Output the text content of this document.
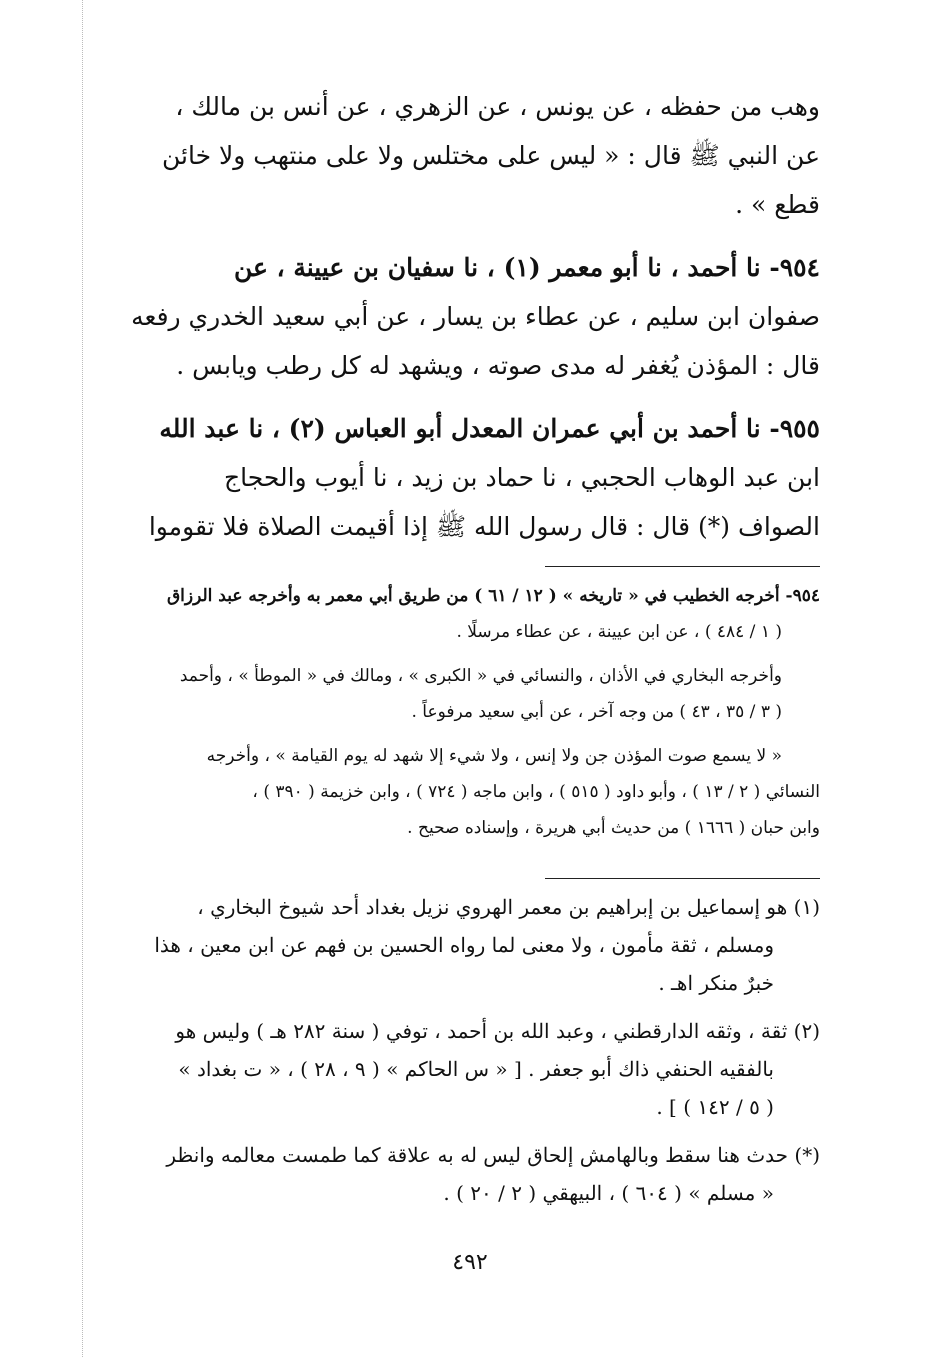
وهب من حفظه ، عن يونس ، عن الزهري ، عن أنس بن مالك ،
عن النبي ﷺ قال : « ليس على مختلس ولا على منتهب ولا خائن
قطع » .

٩٥٤- نا أحمد ، نا أبو معمر (١) ، نا سفيان بن عيينة ، عن
صفوان ابن سليم ، عن عطاء بن يسار ، عن أبي سعيد الخدري رفعه
قال : المؤذن يُغفر له مدى صوته ، ويشهد له كل رطب ويابس .

٩٥٥- نا أحمد بن أبي عمران المعدل أبو العباس (٢) ، نا عبد الله
ابن عبد الوهاب الحجبي ، نا حماد بن زيد ، نا أيوب والحجاج
الصواف (*) قال : قال رسول الله ﷺ إذا أقيمت الصلاة فلا تقوموا

٩٥٤- أخرجه الخطيب في « تاريخه » ( ١٢ / ٦١ ) من طريق أبي معمر به وأخرجه عبد الرزاق
( ١ / ٤٨٤ ) ، عن ابن عيينة ، عن عطاء مرسلًا .
وأخرجه البخاري في الأذان ، والنسائي في « الكبرى » ، ومالك في « الموطأ » ، وأحمد
( ٣ / ٣٥ ، ٤٣ ) من وجه آخر ، عن أبي سعيد مرفوعاً .
« لا يسمع صوت المؤذن جن ولا إنس ، ولا شيء إلا شهد له يوم القيامة » ، وأخرجه
النسائي ( ٢ / ١٣ ) ، وأبو داود ( ٥١٥ ) ، وابن ماجه ( ٧٢٤ ) ، وابن خزيمة ( ٣٩٠ ) ،
وابن حبان ( ١٦٦٦ ) من حديث أبي هريرة ، وإسناده صحيح .
(١) هو إسماعيل بن إبراهيم بن معمر الهروي نزيل بغداد أحد شيوخ البخاري ،
ومسلم ، ثقة مأمون ، ولا معنى لما رواه الحسين بن فهم عن ابن معين ، هذا
خبرٌ منكر اهـ .
(٢) ثقة ، وثقه الدارقطني ، وعبد الله بن أحمد ، توفي ( سنة ٢٨٢ هـ ) وليس هو
بالفقيه الحنفي ذاك أبو جعفر . [ « س الحاكم » ( ٩ ، ٢٨ ) ، « ت بغداد »
( ٥ / ١٤٢ ) ] .
(*) حدث هنا سقط وبالهامش إلحاق ليس له به علاقة كما طمست معالمه وانظر
« مسلم » ( ٦٠٤ ) ، البيهقي ( ٢ / ٢٠ ) .
٤٩٢
